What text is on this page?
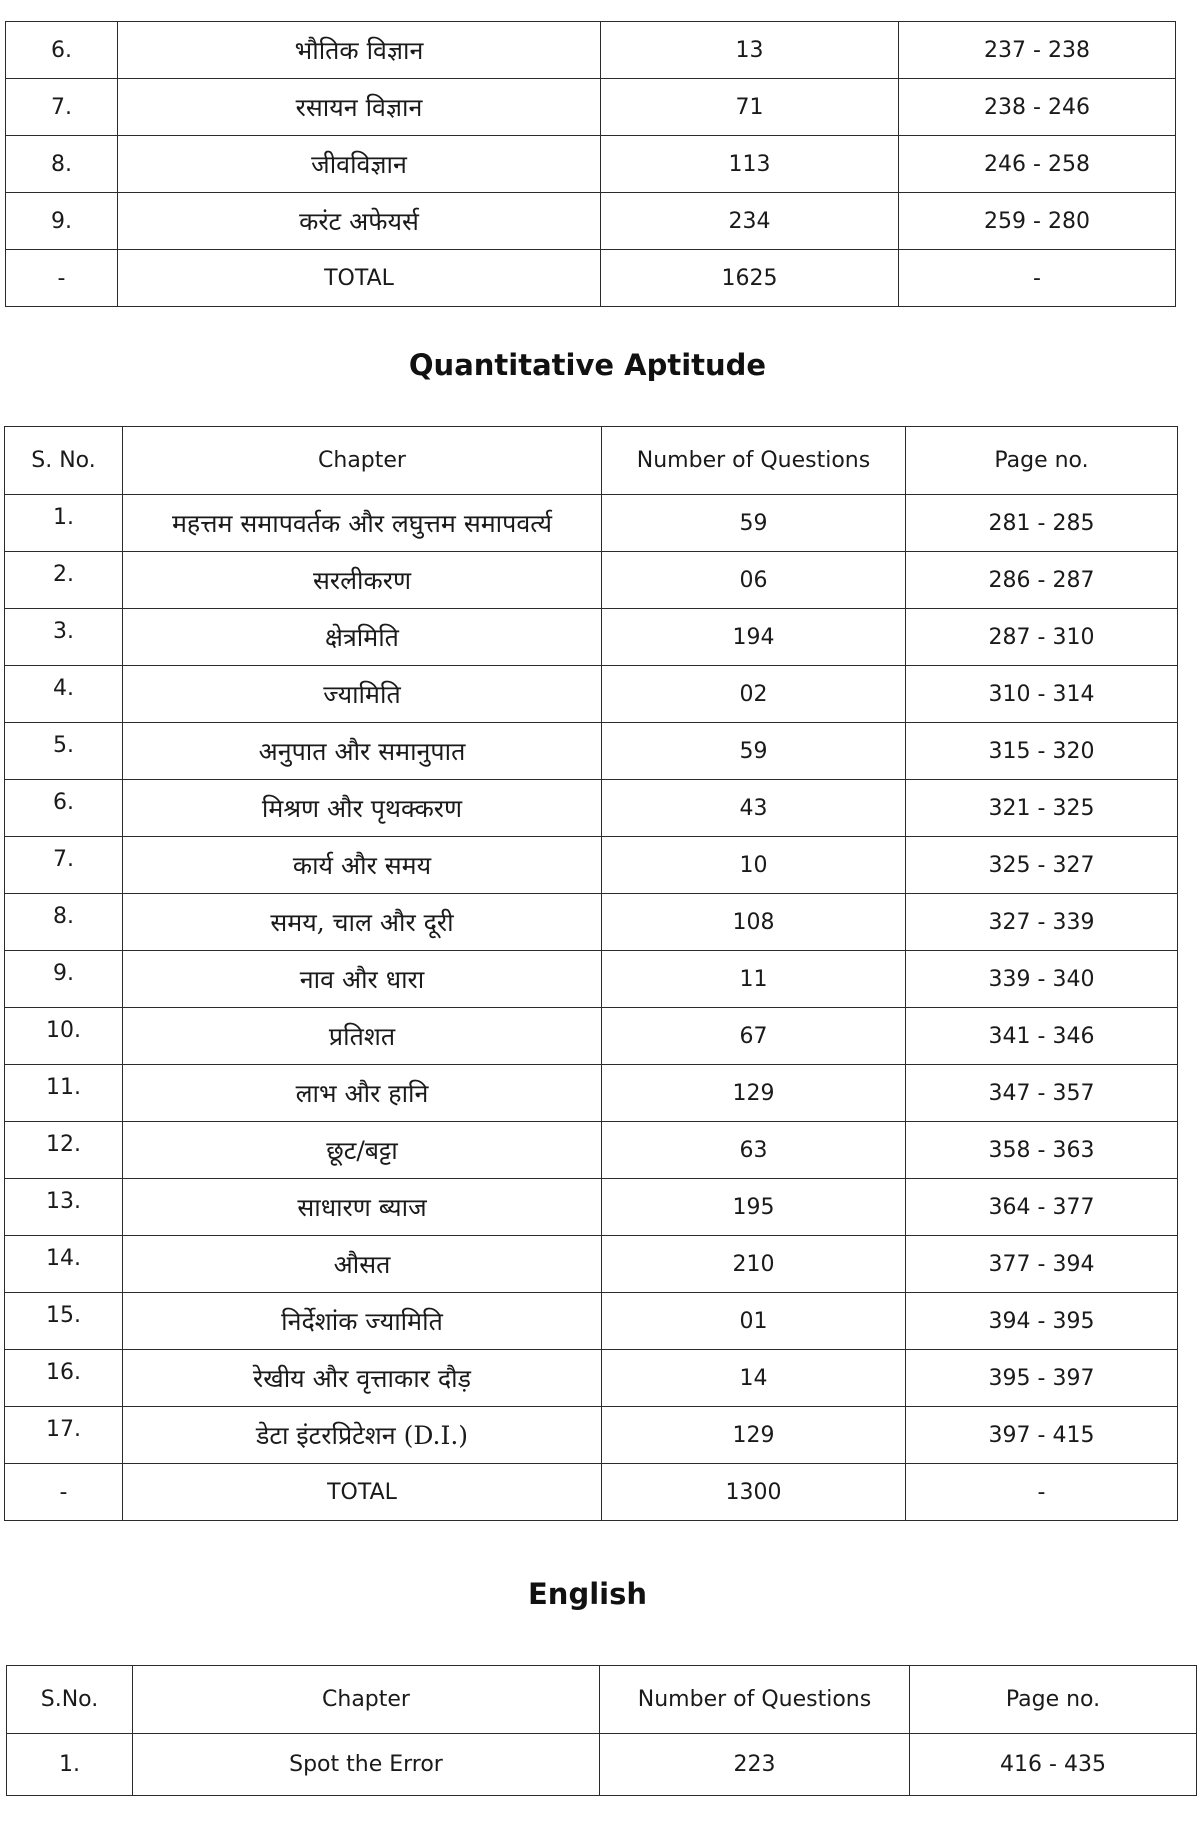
6.	भौतिक विज्ञान	13	237 - 238
7.	रसायन विज्ञान	71	238 - 246
8.	जीवविज्ञान	113	246 - 258
9.	करंट अफेयर्स	234	259 - 280
-	TOTAL	1625	-
Quantitative Aptitude
S. No.	Chapter	Number of Questions	Page no.
1.	महत्तम समापवर्तक और लघुत्तम समापवर्त्य	59	281 - 285
2.	सरलीकरण	06	286 - 287
3.	क्षेत्रमिति	194	287 - 310
4.	ज्यामिति	02	310 - 314
5.	अनुपात और समानुपात	59	315 - 320
6.	मिश्रण और पृथक्करण	43	321 - 325
7.	कार्य और समय	10	325 - 327
8.	समय, चाल और दूरी	108	327 - 339
9.	नाव और धारा	11	339 - 340
10.	प्रतिशत	67	341 - 346
11.	लाभ और हानि	129	347 - 357
12.	छूट/बट्टा	63	358 - 363
13.	साधारण ब्याज	195	364 - 377
14.	औसत	210	377 - 394
15.	निर्देशांक ज्यामिति	01	394 - 395
16.	रेखीय और वृत्ताकार दौड़	14	395 - 397
17.	डेटा इंटरप्रिटेशन (D.I.)	129	397 - 415
-	TOTAL	1300	-
English
S.No.	Chapter	Number of Questions	Page no.
1.	Spot the Error	223	416 - 435
